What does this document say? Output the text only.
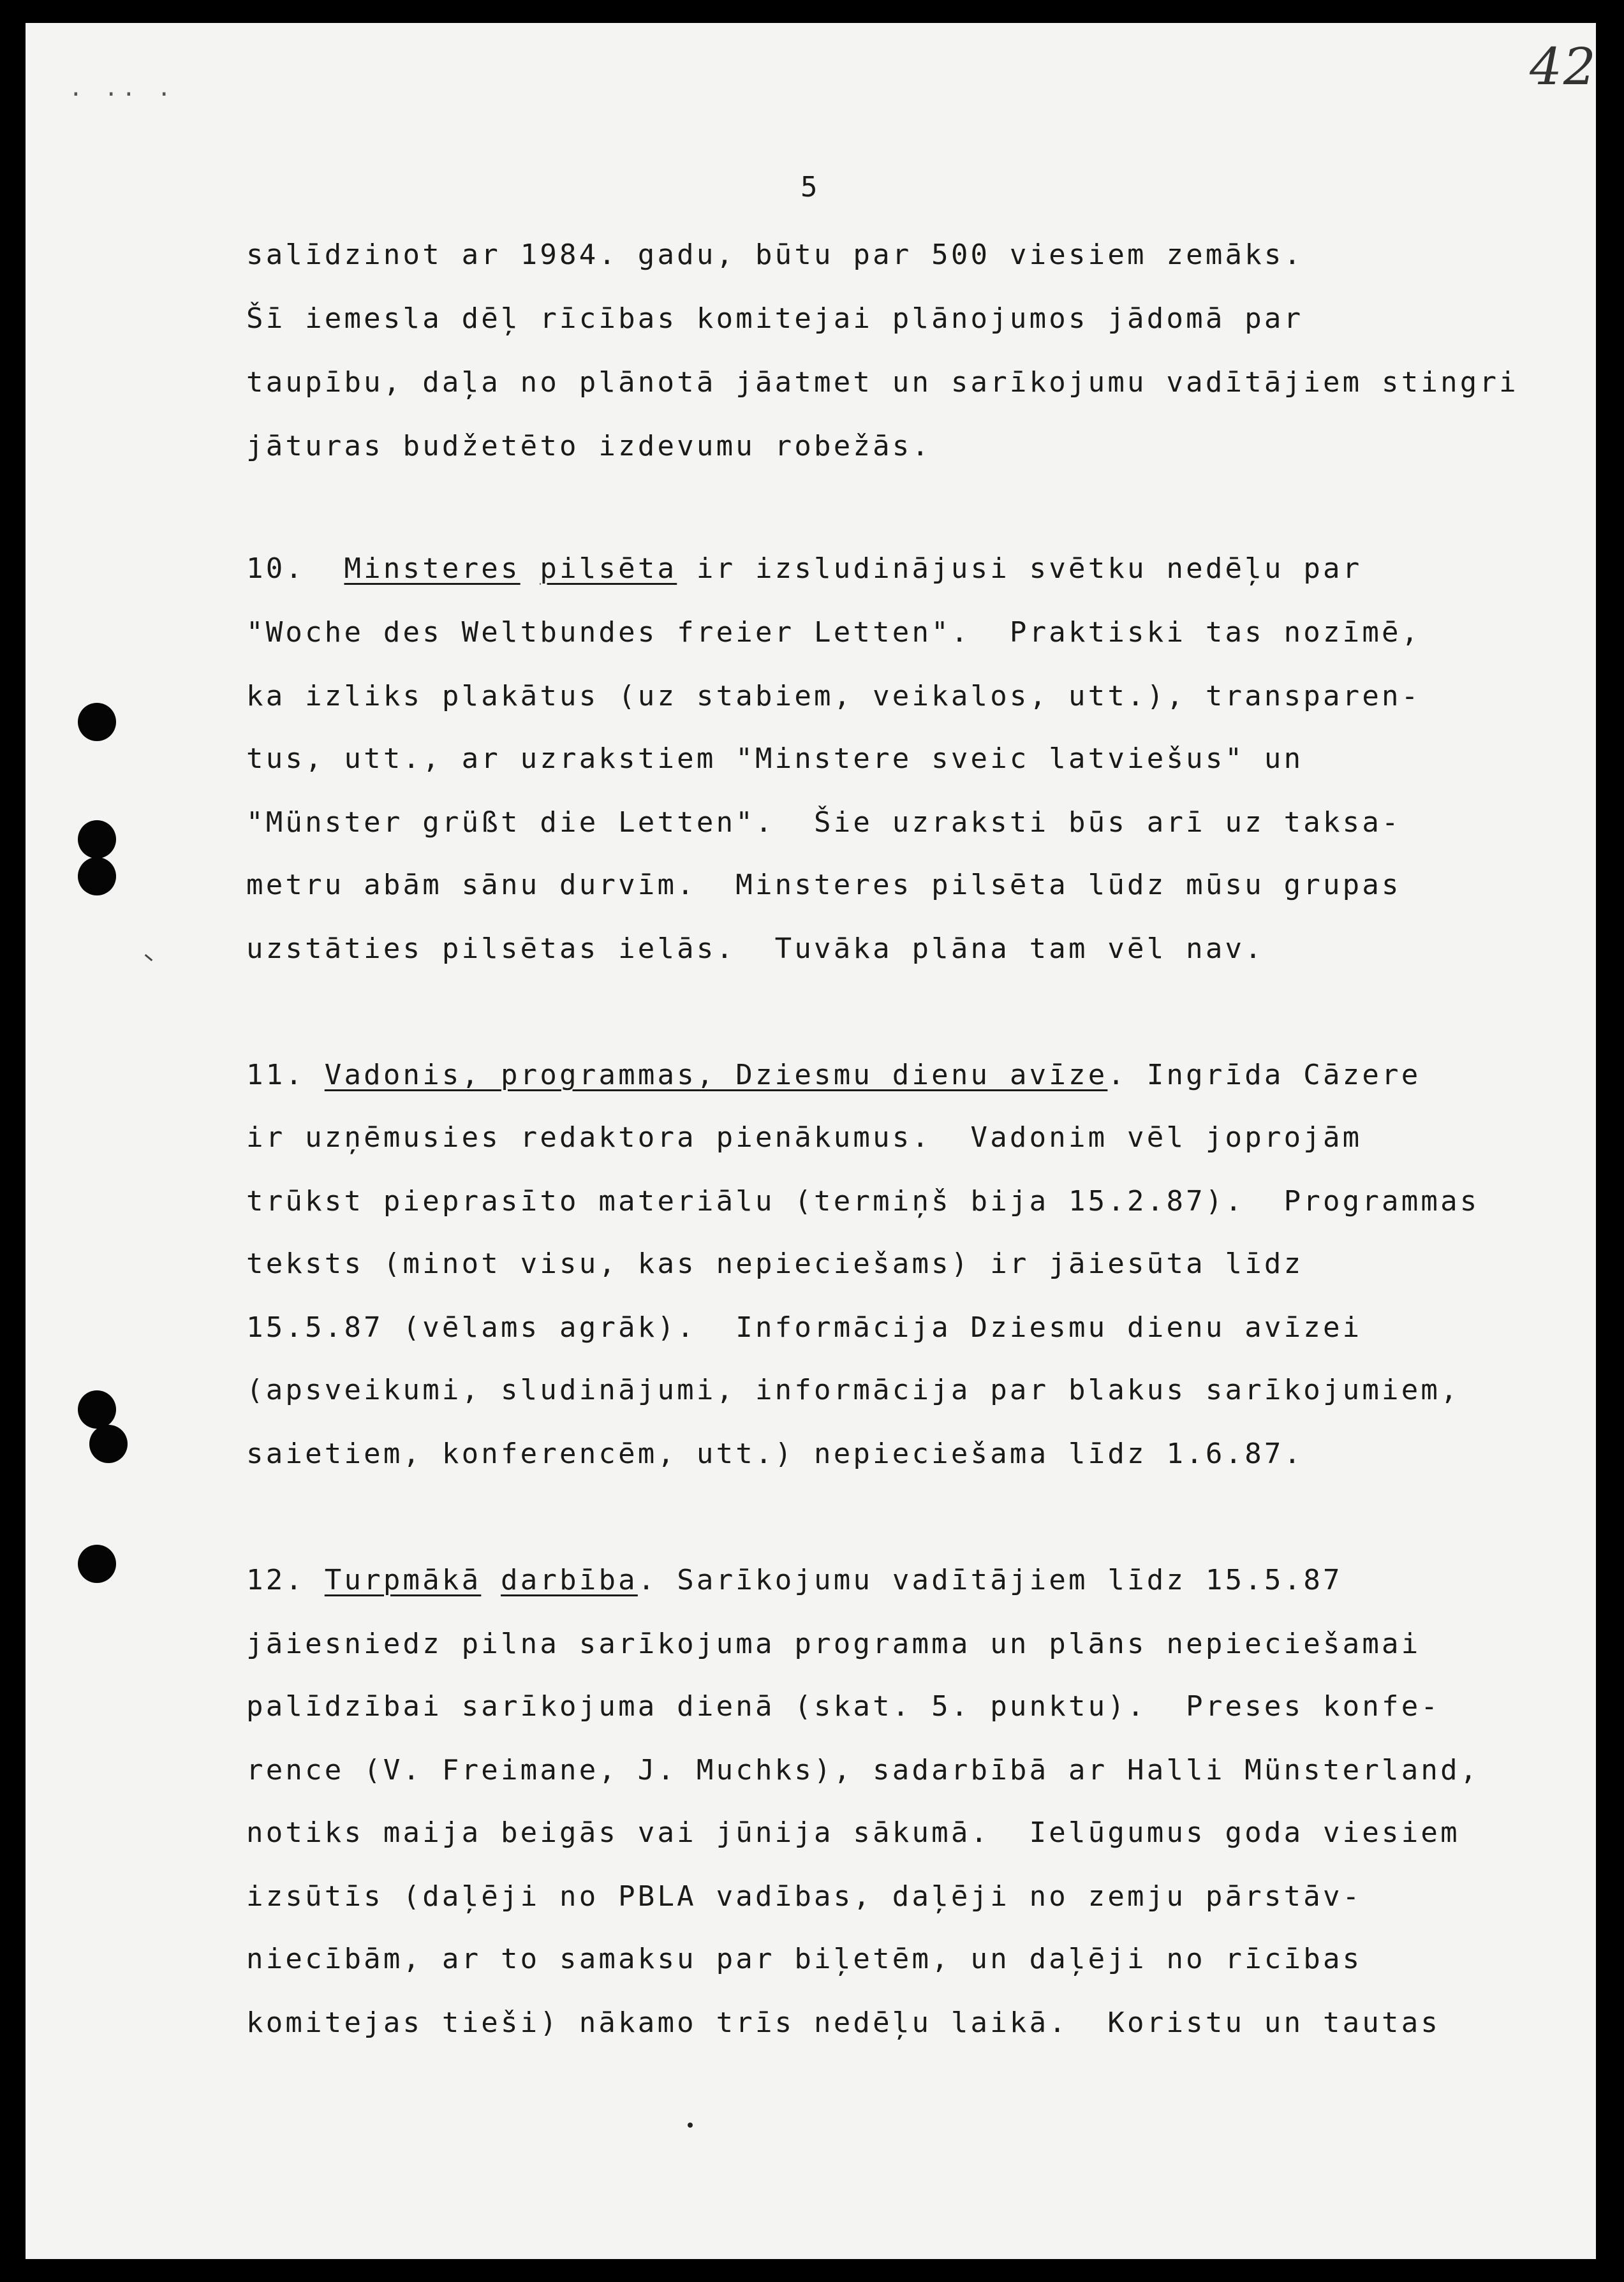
· ·· ·	42
5
salīdzinot ar 1984. gadu, būtu par 500 viesiem zemāks.
Šī iemesla dēļ rīcības komitejai plānojumos jādomā par
taupību, daļa no plānotā jāatmet un sarīkojumu vadītājiem stingri
jāturas budžetēto izdevumu robežās.
10. Minsteres pilsēta ir izsludinājusi svētku nedēļu par
"Woche des Weltbundes freier Letten".  Praktiski tas nozīmē,
ka izliks plakātus (uz stabiem, veikalos, utt.), transparen-
tus, utt., ar uzrakstiem "Minstere sveic latviešus" un
"Münster grüßt die Letten".  Šie uzraksti būs arī uz taksa-
metru abām sānu durvīm.  Minsteres pilsēta lūdz mūsu grupas
uzstāties pilsētas ielās.  Tuvāka plāna tam vēl nav.
11. Vadonis, programmas, Dziesmu dienu avīze. Ingrīda Cāzere
ir uzņēmusies redaktora pienākumus.  Vadonim vēl joprojām
trūkst pieprasīto materiālu (termiņš bija 15.2.87).  Programmas
teksts (minot visu, kas nepieciešams) ir jāiesūta līdz
15.5.87 (vēlams agrāk).  Informācija Dziesmu dienu avīzei
(apsveikumi, sludinājumi, informācija par blakus sarīkojumiem,
saietiem, konferencēm, utt.) nepieciešama līdz 1.6.87.
12. Turpmākā darbība. Sarīkojumu vadītājiem līdz 15.5.87
jāiesniedz pilna sarīkojuma programma un plāns nepieciešamai
palīdzībai sarīkojuma dienā (skat. 5. punktu).  Preses konfe-
rence (V. Freimane, J. Muchks), sadarbībā ar Halli Münsterland,
notiks maija beigās vai jūnija sākumā.  Ielūgumus goda viesiem
izsūtīs (daļēji no PBLA vadības, daļēji no zemju pārstāv-
niecībām, ar to samaksu par biļetēm, un daļēji no rīcības
komitejas tieši) nākamo trīs nedēļu laikā.  Koristu un tautas
